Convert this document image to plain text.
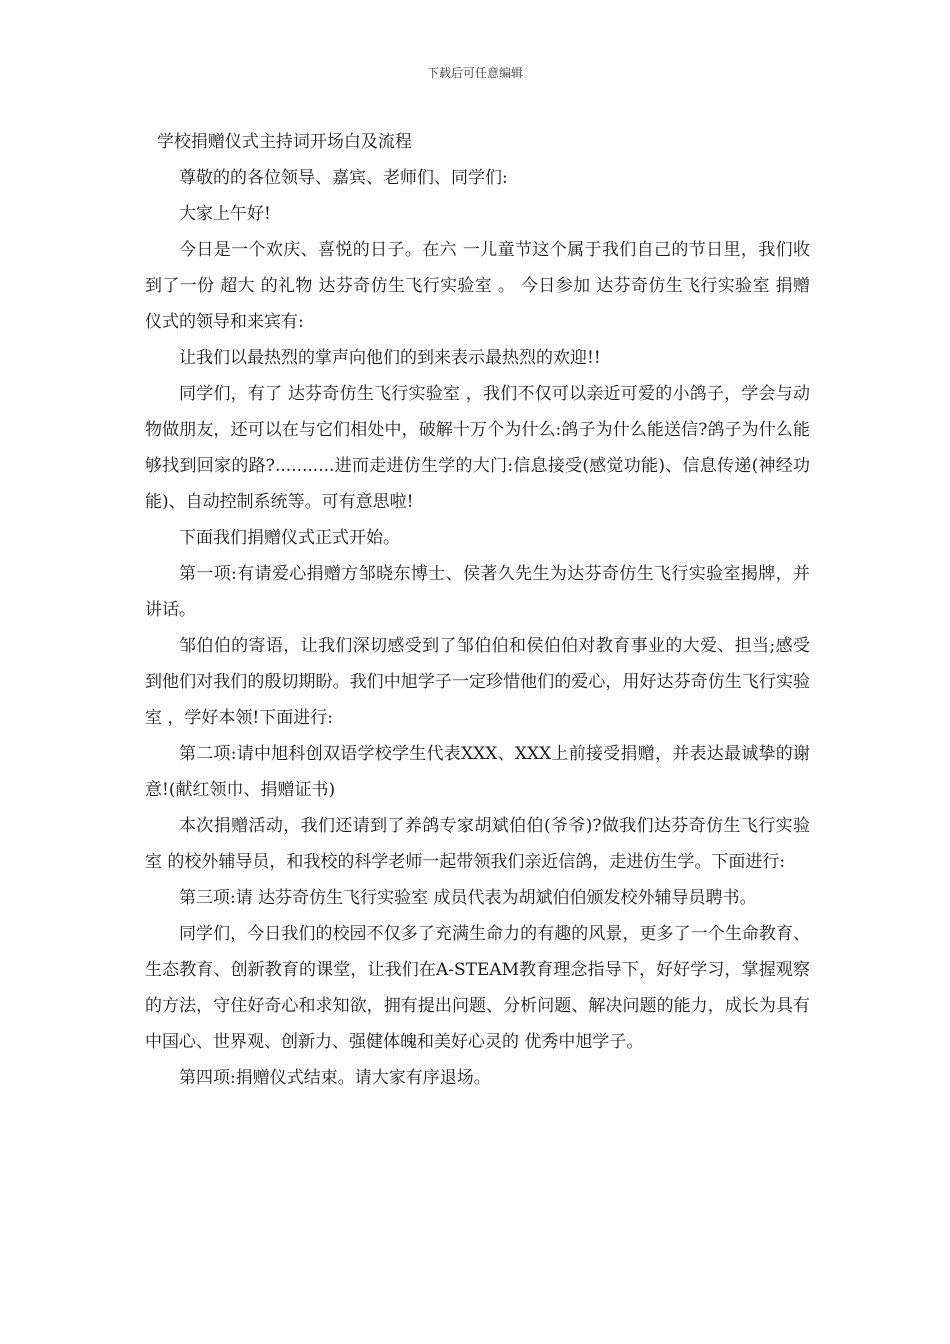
下载后可任意编辑

学校捐赠仪式主持词开场白及流程

尊敬的的各位领导、嘉宾、老师们、同学们:

大家上午好!

今日是一个欢庆、喜悦的日子。在六 一儿童节这个属于我们自己的节日里，我们收到了一份 超大 的礼物 达芬奇仿生飞行实验室 。 今日参加 达芬奇仿生飞行实验室 捐赠仪式的领导和来宾有:

让我们以最热烈的掌声向他们的到来表示最热烈的欢迎!!

同学们，有了 达芬奇仿生飞行实验室 ，我们不仅可以亲近可爱的小鸽子，学会与动物做朋友，还可以在与它们相处中，破解十万个为什么:鸽子为什么能送信?鸽子为什么能够找到回家的路?...........进而走进仿生学的大门:信息接受(感觉功能)、信息传递(神经功能)、自动控制系统等。可有意思啦!

下面我们捐赠仪式正式开始。

第一项:有请爱心捐赠方邹晓东博士、侯著久先生为达芬奇仿生飞行实验室揭牌，并讲话。

邹伯伯的寄语，让我们深切感受到了邹伯伯和侯伯伯对教育事业的大爱、担当;感受到他们对我们的殷切期盼。我们中旭学子一定珍惜他们的爱心，用好达芬奇仿生飞行实验室 ，学好本领!下面进行:

第二项:请中旭科创双语学校学生代表XXX、XXX上前接受捐赠，并表达最诚挚的谢意!(献红领巾、捐赠证书)

本次捐赠活动，我们还请到了养鸽专家胡斌伯伯(爷爷)?做我们达芬奇仿生飞行实验室 的校外辅导员，和我校的科学老师一起带领我们亲近信鸽，走进仿生学。下面进行:

第三项:请 达芬奇仿生飞行实验室 成员代表为胡斌伯伯颁发校外辅导员聘书。

同学们，今日我们的校园不仅多了充满生命力的有趣的风景，更多了一个生命教育、生态教育、创新教育的课堂，让我们在A-STEAM教育理念指导下，好好学习，掌握观察的方法，守住好奇心和求知欲，拥有提出问题、分析问题、解决问题的能力，成长为具有 中国心、世界观、创新力、强健体魄和美好心灵的 优秀中旭学子。

第四项:捐赠仪式结束。请大家有序退场。
